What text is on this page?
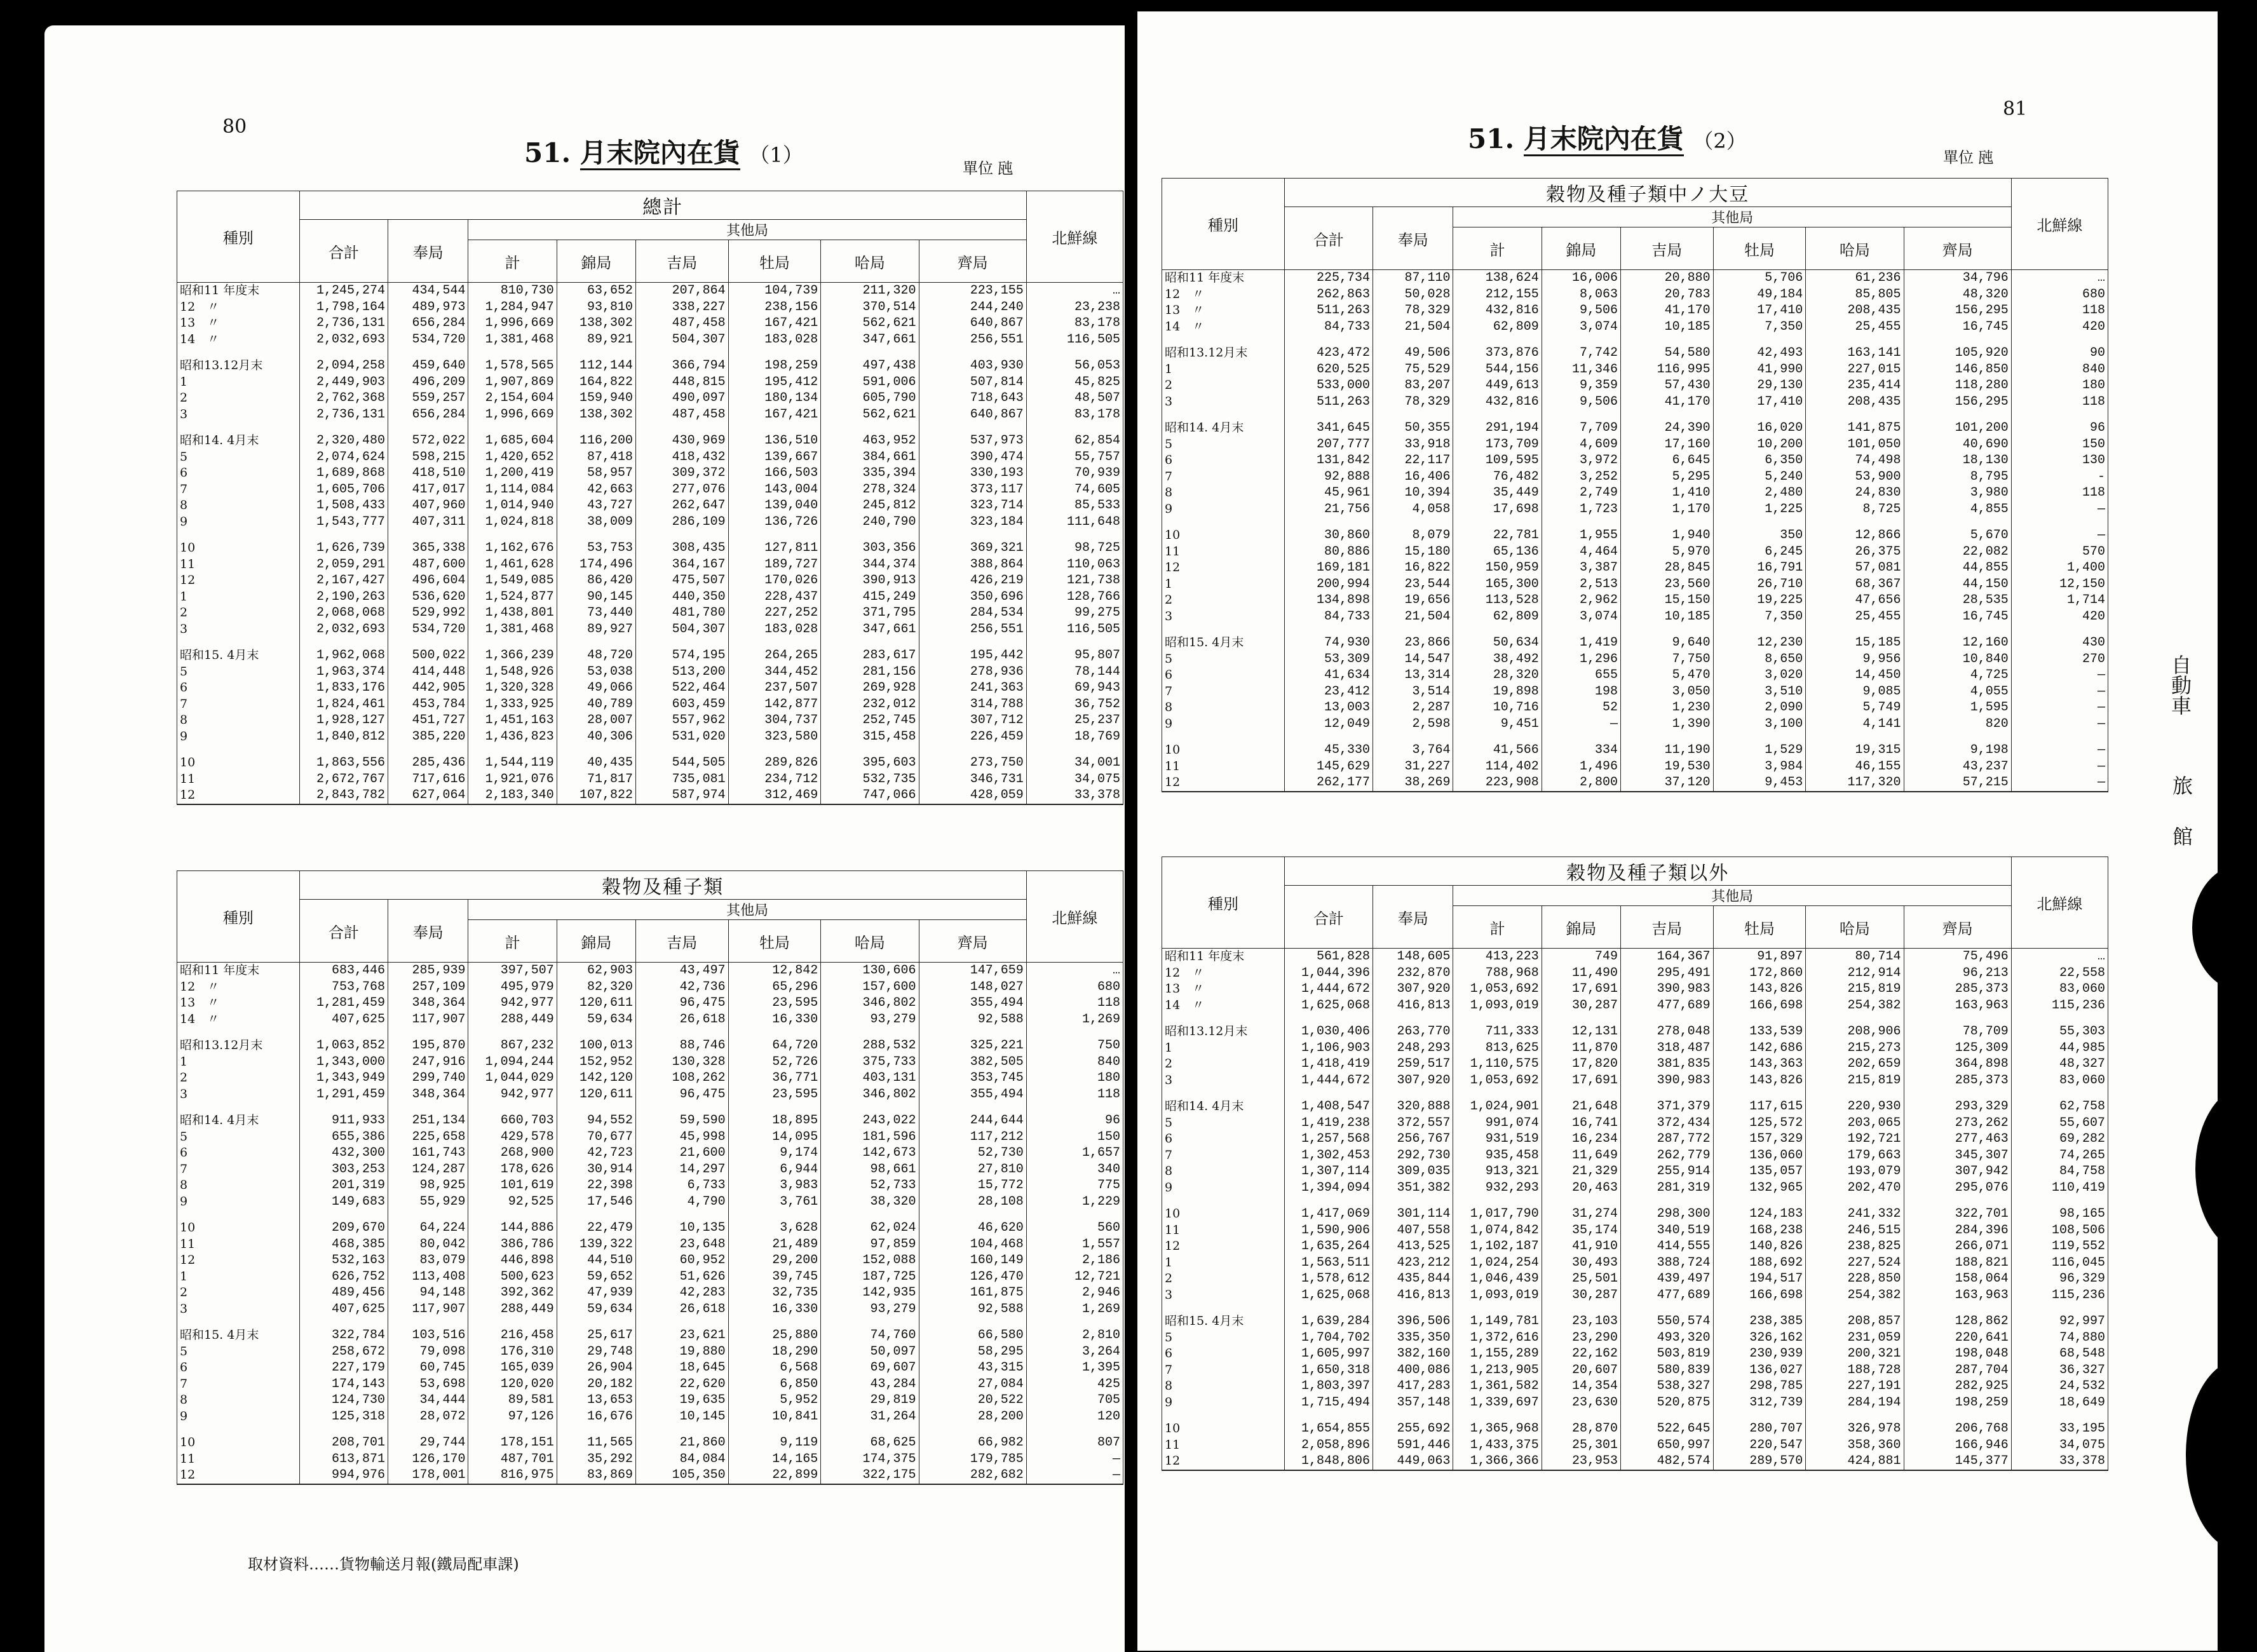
80
51. 月末院內在貨 （1）
單位 瓲
種別	總計								北鮮線
	合計	奉局	其他局						
			計	錦局	吉局	牡局	哈局	齊局
昭和11 年度末	1,245,274	434,544	810,730	63,652	207,864	104,739	211,320	223,155	…
12　〃	1,798,164	489,973	1,284,947	93,810	338,227	238,156	370,514	244,240	23,238
13　〃	2,736,131	656,284	1,996,669	138,302	487,458	167,421	562,621	640,867	83,178
14　〃	2,032,693	534,720	1,381,468	89,921	504,307	183,028	347,661	256,551	116,505

昭和13.12月末	2,094,258	459,640	1,578,565	112,144	366,794	198,259	497,438	403,930	56,053
1	2,449,903	496,209	1,907,869	164,822	448,815	195,412	591,006	507,814	45,825
2	2,762,368	559,257	2,154,604	159,940	490,097	180,134	605,790	718,643	48,507
3	2,736,131	656,284	1,996,669	138,302	487,458	167,421	562,621	640,867	83,178

昭和14. 4月末	2,320,480	572,022	1,685,604	116,200	430,969	136,510	463,952	537,973	62,854
5	2,074,624	598,215	1,420,652	87,418	418,432	139,667	384,661	390,474	55,757
6	1,689,868	418,510	1,200,419	58,957	309,372	166,503	335,394	330,193	70,939
7	1,605,706	417,017	1,114,084	42,663	277,076	143,004	278,324	373,117	74,605
8	1,508,433	407,960	1,014,940	43,727	262,647	139,040	245,812	323,714	85,533
9	1,543,777	407,311	1,024,818	38,009	286,109	136,726	240,790	323,184	111,648

10	1,626,739	365,338	1,162,676	53,753	308,435	127,811	303,356	369,321	98,725
11	2,059,291	487,600	1,461,628	174,496	364,167	189,727	344,374	388,864	110,063
12	2,167,427	496,604	1,549,085	86,420	475,507	170,026	390,913	426,219	121,738
1	2,190,263	536,620	1,524,877	90,145	440,350	228,437	415,249	350,696	128,766
2	2,068,068	529,992	1,438,801	73,440	481,780	227,252	371,795	284,534	99,275
3	2,032,693	534,720	1,381,468	89,927	504,307	183,028	347,661	256,551	116,505

昭和15. 4月末	1,962,068	500,022	1,366,239	48,720	574,195	264,265	283,617	195,442	95,807
5	1,963,374	414,448	1,548,926	53,038	513,200	344,452	281,156	278,936	78,144
6	1,833,176	442,905	1,320,328	49,066	522,464	237,507	269,928	241,363	69,943
7	1,824,461	453,784	1,333,925	40,789	603,459	142,877	232,012	314,788	36,752
8	1,928,127	451,727	1,451,163	28,007	557,962	304,737	252,745	307,712	25,237
9	1,840,812	385,220	1,436,823	40,306	531,020	323,580	315,458	226,459	18,769

10	1,863,556	285,436	1,544,119	40,435	544,505	289,826	395,603	273,750	34,001
11	2,672,767	717,616	1,921,076	71,817	735,081	234,712	532,735	346,731	34,075
12	2,843,782	627,064	2,183,340	107,822	587,974	312,469	747,066	428,059	33,378
種別	穀物及種子類								北鮮線
	合計	奉局	其他局						
			計	錦局	吉局	牡局	哈局	齊局
昭和11 年度末	683,446	285,939	397,507	62,903	43,497	12,842	130,606	147,659	…
12　〃	753,768	257,109	495,979	82,320	42,736	65,296	157,600	148,027	680
13　〃	1,281,459	348,364	942,977	120,611	96,475	23,595	346,802	355,494	118
14　〃	407,625	117,907	288,449	59,634	26,618	16,330	93,279	92,588	1,269

昭和13.12月末	1,063,852	195,870	867,232	100,013	88,746	64,720	288,532	325,221	750
1	1,343,000	247,916	1,094,244	152,952	130,328	52,726	375,733	382,505	840
2	1,343,949	299,740	1,044,029	142,120	108,262	36,771	403,131	353,745	180
3	1,291,459	348,364	942,977	120,611	96,475	23,595	346,802	355,494	118

昭和14. 4月末	911,933	251,134	660,703	94,552	59,590	18,895	243,022	244,644	96
5	655,386	225,658	429,578	70,677	45,998	14,095	181,596	117,212	150
6	432,300	161,743	268,900	42,723	21,600	9,174	142,673	52,730	1,657
7	303,253	124,287	178,626	30,914	14,297	6,944	98,661	27,810	340
8	201,319	98,925	101,619	22,398	6,733	3,983	52,733	15,772	775
9	149,683	55,929	92,525	17,546	4,790	3,761	38,320	28,108	1,229

10	209,670	64,224	144,886	22,479	10,135	3,628	62,024	46,620	560
11	468,385	80,042	386,786	139,322	23,648	21,489	97,859	104,468	1,557
12	532,163	83,079	446,898	44,510	60,952	29,200	152,088	160,149	2,186
1	626,752	113,408	500,623	59,652	51,626	39,745	187,725	126,470	12,721
2	489,456	94,148	392,362	47,939	42,283	32,735	142,935	161,875	2,946
3	407,625	117,907	288,449	59,634	26,618	16,330	93,279	92,588	1,269

昭和15. 4月末	322,784	103,516	216,458	25,617	23,621	25,880	74,760	66,580	2,810
5	258,672	79,098	176,310	29,748	19,880	18,290	50,097	58,295	3,264
6	227,179	60,745	165,039	26,904	18,645	6,568	69,607	43,315	1,395
7	174,143	53,698	120,020	20,182	22,620	6,850	43,284	27,084	425
8	124,730	34,444	89,581	13,653	19,635	5,952	29,819	20,522	705
9	125,318	28,072	97,126	16,676	10,145	10,841	31,264	28,200	120

10	208,701	29,744	178,151	11,565	21,860	9,119	68,625	66,982	807
11	613,871	126,170	487,701	35,292	84,084	14,165	174,375	179,785	—
12	994,976	178,001	816,975	83,869	105,350	22,899	322,175	282,682	—
取材資料……貨物輸送月報(鐵局配車課)
81
51. 月末院內在貨 （2）
單位 瓲
種別	穀物及種子類中ノ大豆								北鮮線
	合計	奉局	其他局						
			計	錦局	吉局	牡局	哈局	齊局
昭和11 年度末	225,734	87,110	138,624	16,006	20,880	5,706	61,236	34,796	…
12　〃	262,863	50,028	212,155	8,063	20,783	49,184	85,805	48,320	680
13　〃	511,263	78,329	432,816	9,506	41,170	17,410	208,435	156,295	118
14　〃	84,733	21,504	62,809	3,074	10,185	7,350	25,455	16,745	420

昭和13.12月末	423,472	49,506	373,876	7,742	54,580	42,493	163,141	105,920	90
1	620,525	75,529	544,156	11,346	116,995	41,990	227,015	146,850	840
2	533,000	83,207	449,613	9,359	57,430	29,130	235,414	118,280	180
3	511,263	78,329	432,816	9,506	41,170	17,410	208,435	156,295	118

昭和14. 4月末	341,645	50,355	291,194	7,709	24,390	16,020	141,875	101,200	96
5	207,777	33,918	173,709	4,609	17,160	10,200	101,050	40,690	150
6	131,842	22,117	109,595	3,972	6,645	6,350	74,498	18,130	130
7	92,888	16,406	76,482	3,252	5,295	5,240	53,900	8,795	-
8	45,961	10,394	35,449	2,749	1,410	2,480	24,830	3,980	118
9	21,756	4,058	17,698	1,723	1,170	1,225	8,725	4,855	—

10	30,860	8,079	22,781	1,955	1,940	350	12,866	5,670	—
11	80,886	15,180	65,136	4,464	5,970	6,245	26,375	22,082	570
12	169,181	16,822	150,959	3,387	28,845	16,791	57,081	44,855	1,400
1	200,994	23,544	165,300	2,513	23,560	26,710	68,367	44,150	12,150
2	134,898	19,656	113,528	2,962	15,150	19,225	47,656	28,535	1,714
3	84,733	21,504	62,809	3,074	10,185	7,350	25,455	16,745	420

昭和15. 4月末	74,930	23,866	50,634	1,419	9,640	12,230	15,185	12,160	430
5	53,309	14,547	38,492	1,296	7,750	8,650	9,956	10,840	270
6	41,634	13,314	28,320	655	5,470	3,020	14,450	4,725	—
7	23,412	3,514	19,898	198	3,050	3,510	9,085	4,055	—
8	13,003	2,287	10,716	52	1,230	2,090	5,749	1,595	—
9	12,049	2,598	9,451	—	1,390	3,100	4,141	820	—

10	45,330	3,764	41,566	334	11,190	1,529	19,315	9,198	—
11	145,629	31,227	114,402	1,496	19,530	3,984	46,155	43,237	—
12	262,177	38,269	223,908	2,800	37,120	9,453	117,320	57,215	—
種別	穀物及種子類以外								北鮮線
	合計	奉局	其他局						
			計	錦局	吉局	牡局	哈局	齊局
昭和11 年度末	561,828	148,605	413,223	749	164,367	91,897	80,714	75,496	…
12　〃	1,044,396	232,870	788,968	11,490	295,491	172,860	212,914	96,213	22,558
13　〃	1,444,672	307,920	1,053,692	17,691	390,983	143,826	215,819	285,373	83,060
14　〃	1,625,068	416,813	1,093,019	30,287	477,689	166,698	254,382	163,963	115,236

昭和13.12月末	1,030,406	263,770	711,333	12,131	278,048	133,539	208,906	78,709	55,303
1	1,106,903	248,293	813,625	11,870	318,487	142,686	215,273	125,309	44,985
2	1,418,419	259,517	1,110,575	17,820	381,835	143,363	202,659	364,898	48,327
3	1,444,672	307,920	1,053,692	17,691	390,983	143,826	215,819	285,373	83,060

昭和14. 4月末	1,408,547	320,888	1,024,901	21,648	371,379	117,615	220,930	293,329	62,758
5	1,419,238	372,557	991,074	16,741	372,434	125,572	203,065	273,262	55,607
6	1,257,568	256,767	931,519	16,234	287,772	157,329	192,721	277,463	69,282
7	1,302,453	292,730	935,458	11,649	262,779	136,060	179,663	345,307	74,265
8	1,307,114	309,035	913,321	21,329	255,914	135,057	193,079	307,942	84,758
9	1,394,094	351,382	932,293	20,463	281,319	132,965	202,470	295,076	110,419

10	1,417,069	301,114	1,017,790	31,274	298,300	124,183	241,332	322,701	98,165
11	1,590,906	407,558	1,074,842	35,174	340,519	168,238	246,515	284,396	108,506
12	1,635,264	413,525	1,102,187	41,910	414,555	140,826	238,825	266,071	119,552
1	1,563,511	423,212	1,024,254	30,493	388,724	188,692	227,524	188,821	116,045
2	1,578,612	435,844	1,046,439	25,501	439,497	194,517	228,850	158,064	96,329
3	1,625,068	416,813	1,093,019	30,287	477,689	166,698	254,382	163,963	115,236

昭和15. 4月末	1,639,284	396,506	1,149,781	23,103	550,574	238,385	208,857	128,862	92,997
5	1,704,702	335,350	1,372,616	23,290	493,320	326,162	231,059	220,641	74,880
6	1,605,997	382,160	1,155,289	22,162	503,819	230,939	200,321	198,048	68,548
7	1,650,318	400,086	1,213,905	20,607	580,839	136,027	188,728	287,704	36,327
8	1,803,397	417,283	1,361,582	14,354	538,327	298,785	227,191	282,925	24,532
9	1,715,494	357,148	1,339,697	23,630	520,875	312,739	284,194	198,259	18,649

10	1,654,855	255,692	1,365,968	28,870	522,645	280,707	326,978	206,768	33,195
11	2,058,896	591,446	1,433,375	25,301	650,997	220,547	358,360	166,946	34,075
12	1,848,806	449,063	1,366,366	23,953	482,574	289,570	424,881	145,377	33,378
自動車
旅
館
